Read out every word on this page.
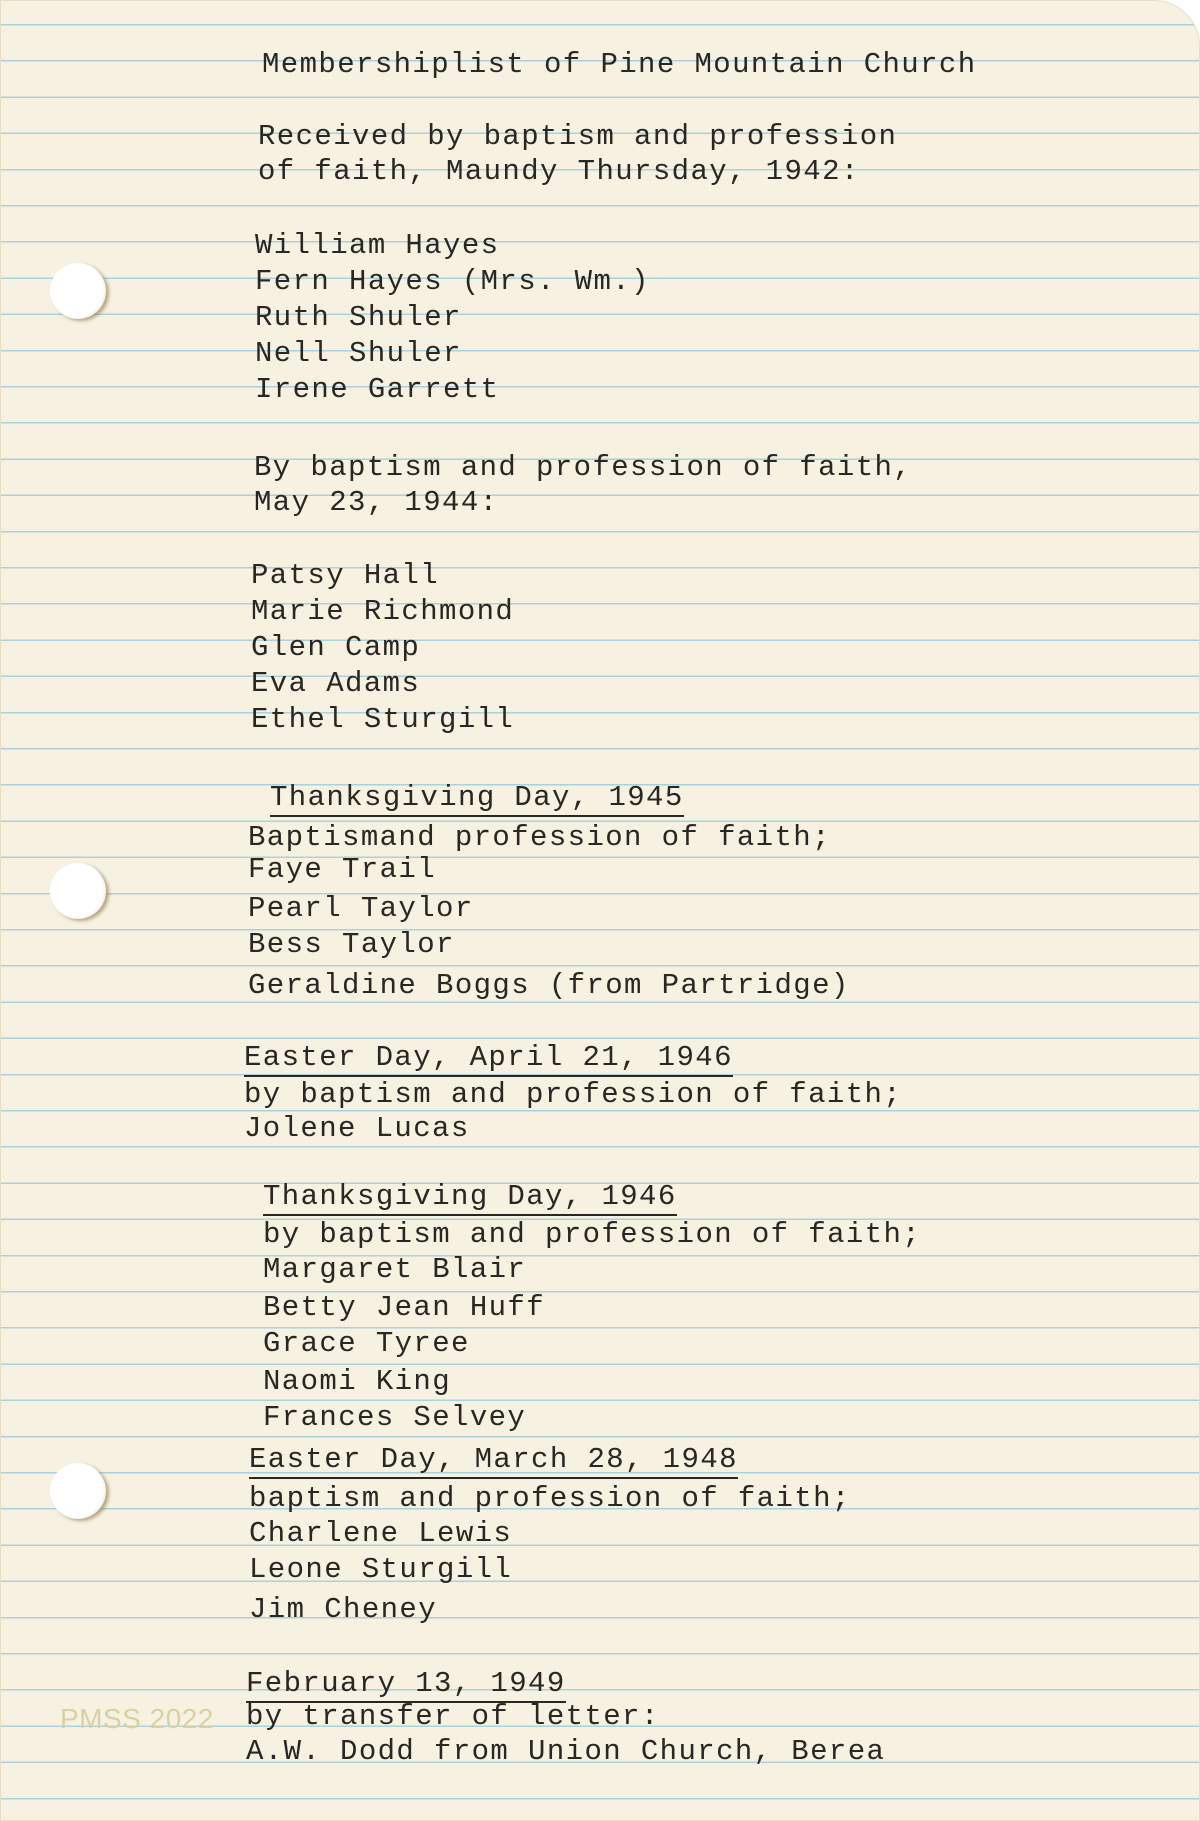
Membershiplist of Pine Mountain Church
Received by baptism and profession
of faith, Maundy Thursday, 1942:
William Hayes
Fern Hayes (Mrs. Wm.)
Ruth Shuler
Nell Shuler
Irene Garrett
By baptism and profession of faith,
May 23, 1944:
Patsy Hall
Marie Richmond
Glen Camp
Eva Adams
Ethel Sturgill
Thanksgiving Day, 1945
Baptismand profession of faith;
Faye Trail
Pearl Taylor
Bess Taylor
Geraldine Boggs (from Partridge)
Easter Day, April 21, 1946
by baptism and profession of faith;
Jolene Lucas
Thanksgiving Day, 1946
by baptism and profession of faith;
Margaret Blair
Betty Jean Huff
Grace Tyree
Naomi King
Frances Selvey
Easter Day, March 28, 1948
baptism and profession of faith;
Charlene Lewis
Leone Sturgill
Jim Cheney
February 13, 1949
by transfer of letter:
A.W. Dodd from Union Church, Berea
PMSS 2022
